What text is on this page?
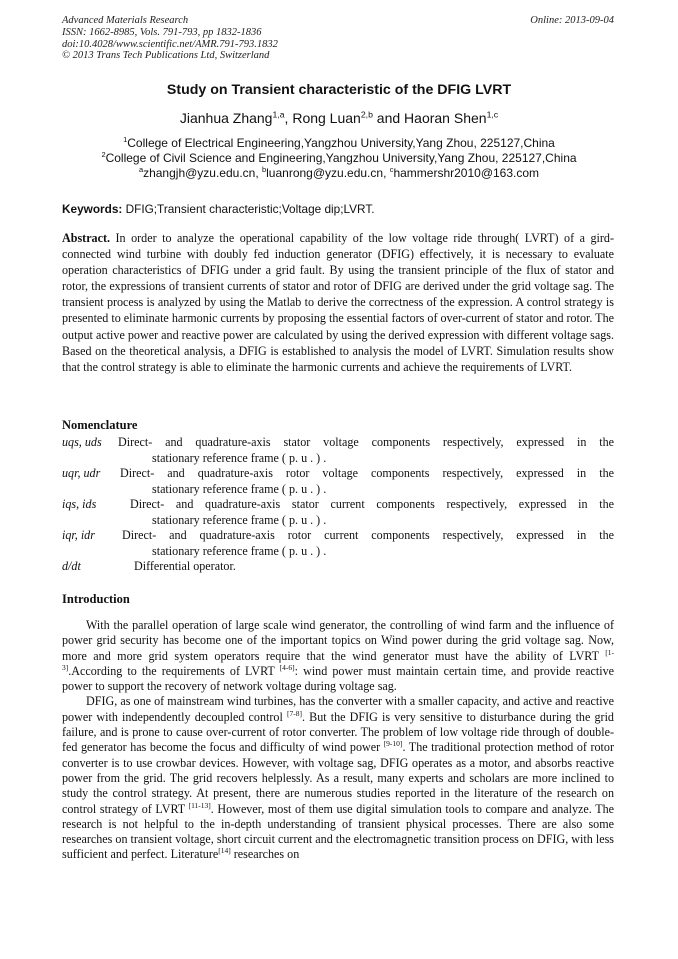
Advanced Materials Research
ISSN: 1662-8985, Vols. 791-793, pp 1832-1836
doi:10.4028/www.scientific.net/AMR.791-793.1832
© 2013 Trans Tech Publications Ltd, Switzerland
Online: 2013-09-04
Study on Transient characteristic of the DFIG LVRT
Jianhua Zhang$^{1,a}$, Rong Luan$^{2,b}$ and Haoran Shen$^{1,c}$
$^1$College of Electrical Engineering,Yangzhou University,Yang Zhou, 225127,China
$^2$College of Civil Science and Engineering,Yangzhou University,Yang Zhou, 225127,China
$^a$zhangjh@yzu.edu.cn, $^b$luanrong@yzu.edu.cn, $^c$hammershr2010@163.com
Keywords: DFIG;Transient characteristic;Voltage dip;LVRT.
Abstract. In order to analyze the operational capability of the low voltage ride through( LVRT) of a gird-connected wind turbine with doubly fed induction generator (DFIG) effectively, it is necessary to evaluate operation characteristics of DFIG under a grid fault. By using the transient principle of the flux of stator and rotor, the expressions of transient currents of stator and rotor of DFIG are derived under the grid voltage sag. The transient process is analyzed by using the Matlab to derive the correctness of the expression. A control strategy is presented to eliminate harmonic currents by proposing the essential factors of over-current of stator and rotor. The output active power and reactive power are calculated by using the derived expression with different voltage sags. Based on the theoretical analysis, a DFIG is established to analysis the model of LVRT. Simulation results show that the control strategy is able to eliminate the harmonic currents and achieve the requirements of LVRT.
Nomenclature
uqs, uds Direct- and quadrature-axis stator voltage components respectively, expressed in the
stationary reference frame ( p. u . ) .
uqr, udr Direct- and quadrature-axis rotor voltage components respectively, expressed in the
stationary reference frame ( p. u . ) .
iqs, ids	Direct- and quadrature-axis stator current components respectively, expressed in the
stationary reference frame ( p. u . ) .
iqr, idr Direct- and quadrature-axis rotor current components respectively, expressed in the
stationary reference frame ( p. u . ) .
d/dt	Differential operator.
Introduction

With the parallel operation of large scale wind generator, the controlling of wind farm and the influence of power grid security has become one of the important topics on Wind power during the grid voltage sag. Now, more and more grid system operators require that the wind generator must have the ability of LVRT [1-3].According to the requirements of LVRT [4-6]: wind power must maintain certain time, and provide reactive power to support the recovery of network voltage during voltage sag.

DFIG, as one of mainstream wind turbines, has the converter with a smaller capacity, and active and reactive power with independently decoupled control [7-8]. But the DFIG is very sensitive to disturbance during the grid failure, and is prone to cause over-current of rotor converter. The problem of low voltage ride through of double-fed generator has become the focus and difficulty of wind power [9-10]. The traditional protection method of rotor converter is to use crowbar devices. However, with voltage sag, DFIG operates as a motor, and absorbs reactive power from the grid. The grid recovers helplessly. As a result, many experts and scholars are more inclined to study the control strategy. At present, there are numerous studies reported in the literature of the research on control strategy of LVRT [11-13]. However, most of them use digital simulation tools to compare and analyze. The research is not helpful to the in-depth understanding of transient physical processes. There are also some researches on transient voltage, short circuit current and the electromagnetic transition process on DFIG, with less sufficient and perfect. Literature[14] researches on
